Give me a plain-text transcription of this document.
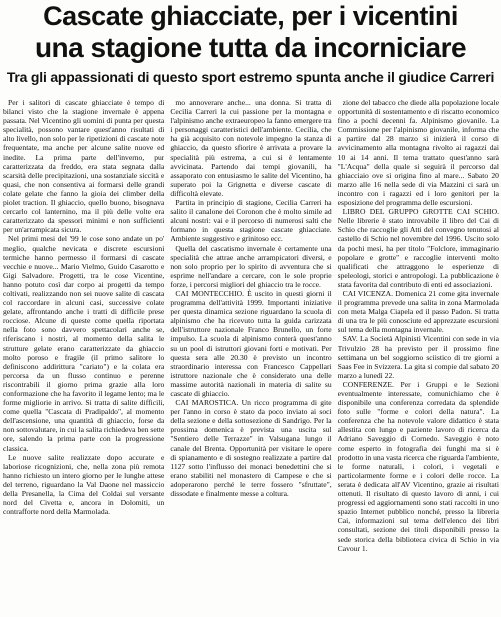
Cascate ghiacciate, per i vicentini
una stagione tutta da incorniciare
Tra gli appassionati di questo sport estremo spunta anche il giudice Carreri

Per i salitori di cascate ghiacciate è tempo di bilanci visto che la stagione invernale è appena passata. Nel Vicentino gli uomini di punta per questa specialità, possono vantare quest'anno risultati di alto livello, non solo per le ripetizioni di cascate note frequentate, ma anche per alcune salite nuove ed inedite. La prima parte dell'inverno, pur caratterizzata da freddo, era stata segnata dalla scarsità delle precipitazioni, una sostanziale siccità e quasi, che non consentiva ai formarsi delle grandi colate gelate che fanno la gioia dei climber della piolet traction. Il ghiaccio, quello buono, bisognava cercarlo col lanternino, ma il più delle volte era caratterizzato da spessori minimi e non sufficienti per un'arrampicata sicura.

Nel primi mesi del '99 le cose sono andate un po' meglio, qualche nevicata e discrete escursioni termiche hanno permesso il formarsi di cascate vecchie e nuove... Mario Vielmo, Guido Casarotto e Gigi Salvadore. Progetti, tra le cose Vicentine, hanno potuto così dar corpo ai progetti da tempo coltivati, realizzando non sei nuove salite di cascata col raccordare in alcuni casi, successive colate gelate, affrontando anche i tratti di difficile prese rocciose. Alcune di queste come quella riportata nella foto sono davvero spettacolari anche se, riferiscano i nostri, al momento della salita le strutture gelate erano caratterizzate da ghiaccio molto poroso e fragile (il primo salitore lo definiscono addirittura "cariato") e la colata era percorsa da un flusso continuo e perenne riscontrabili il giorno prima grazie alla loro conformazione che ha favorito il legame lento; ma le forme migliorie in arrivo. Si tratta di salite difficili, come quella "Cascata di Pradipaldo", al momento dell'ascensione, una quantità di ghiaccio, forse da non sottovalutare, in cui la salita richiedeva ben sette ore, salendo la prima parte con la progressione classica.

Le nuove salite realizzate dopo accurate e laboriose ricognizioni, che, nella zona più remota hanno richiesto un intero giorno per le lunghe attese del terreno, riguardano la Val Daone nel massiccio della Presanella, la Cima del Coldai sul versante nord del Civetta e, ancora in Dolomiti, un contrafforte nord della Marmolada.

mo annoverare anche... una donna. Si tratta di Cecilia Carreri la cui passione per la montagna e l'alpinismo anche extraeuropeo la fanno emergere tra i personaggi caratteristici dell'ambiente. Cecilia, che ha già acquisito con notevole impegno la stanza di ghiaccio, da questo sfiorire è arrivata a provare la specialità più estrema, a cui si è lentamente avvicinata. Partendo dai tempi giovanili, ha assaporato con entusiasmo le salite del Vicentino, ha superato poi la Grignetta e diverse cascate di difficoltà elevate.

Partita in principio di stagione, Cecilia Carreri ha salito il canalone dei Coronon che è molto simile ad alcuni nostri: vai e il percorso di numerosi salti che formano in questa stagione cascate ghiacciate. Ambiente suggestivo e grinitoso ecc.

Quella del cascatismo invernale è certamente una specialità che attrae anche arrampicatori diversi, e non solo proprio per lo spirito di avventura che si esprime nell'andare a cercare, con le sole proprie forze, i percorsi migliori del ghiaccio tra le rocce.

CAI MONTECCHIO. È uscito in questi giorni il programma dell'attività 1999. Importanti iniziative per questa dinamica sezione riguardano la scuola di alpinismo che ha ricevuto tutta la guida carizzata dell'istruttore nazionale Franco Brunello, un forte impulso. La scuola di alpinismo conterà quest'anno su un pool di istruttori giovani forti e motivati. Per questa sera alle 20.30 è previsto un incontro straordinario interessa con Francesco Cappellari istruttore nazionale che è considerato una delle massime autorità nazionali in materia di salite su cascate di ghiaccio.

CAI MAROSTICA. Un ricco programma di gite per l'anno in corso è stato da poco inviato ai soci della sezione e della sottosezione di Sandrigo. Per la prossima domenica è prevista una uscita sul "Sentiero delle Terrazze" in Valsugana lungo il canale del Brenta. Opportunità per visitare le opere di spianamento e di sostegno realizzate a partire dal 1127 sotto l'influsso dei monaci benedettini che si erano stabiliti nel monastero di Campese e che si adoperarono perché le terre fossero "sfruttate", dissodate e finalmente messe a coltura.

zione del tabacco che diede alla popolazione locale opportunità di sostentamento e di riscatto economico fino a pochi decenni fa. Alpinismo giovanile. La Commissione per l'alpinismo giovanile, informa che a partire dal 28 marzo si inizierà il corso di avvicinamento alla montagna rivolto ai ragazzi dai 10 ai 14 anni. Il tema trattato quest'anno sarà "L'Acqua" della quale si seguirà il percorso dal ghiacciaio ove si origina fino al mare... Sabato 20 marzo alle 16 nella sede di via Mazzini ci sarà un incontro con i ragazzi ed i loro genitori per la esposizione del programma delle escursioni.

LIBRO DEL GRUPPO GROTTE CAI SCHIO. Nelle librerie è stato introvabile il libro del Cai di Schio che raccoglie gli Atti del convegno tenutosi al castello di Schio nel novembre del 1996. Uscito solo da pochi mesi, ha per titolo "Folclore, immaginario popolare e grotte" e raccoglie interventi molto qualificati che attraggono le esperienze di speleologi, storici e antropologi. La pubblicazione è stata favorita dal contributo di enti ed associazioni.

CAI VICENZA. Domenica 21 come gita invernale il programma prevede una salita in zona Marmolada con meta Malga Ciapela ed il passo Padon. Si tratta di una tra le più conosciute ed apprezzate escursioni sul tema della montagna invernale.

SAV. La Società Alpinisti Vicentini con sede in via Trivulzio 28 ha previsto per il prossimo fine settimana un bel soggiorno sciistico di tre giorni a Saas Fee in Svizzera. La gita si compie dal sabato 20 marzo a lunedì 22.

CONFERENZE. Per i Gruppi e le Sezioni eventualmente interessate, comunichiamo che è disponibile una conferenza corredata da splendide foto sulle "forme e colori della natura". La conferenza che ha notevole valore didattico è stata allestita con lungo e paziente lavoro di ricerca da Adriano Saveggio di Cornedo. Saveggio è noto come esperto in fotografia dei funghi ma si è prodotto in una vasta ricerca che riguarda l'ambiente, le forme naturali, i colori, i vegetali e particolarmente forme e i colori delle rocce. La serata è dedicata all'AV Vicentino, grazie ai risultati ottenuti. Il risultato di questo lavoro di anni, i cui progressi ed aggiornamenti sono stati raccolti in uno spazio Internet pubblico nonché, presso la libreria Cai, informazioni sul tema dell'elenco dei libri consultati, sezione dei titoli disponibili presso la sede storica della biblioteca civica di Schio in via Cavour 1.
